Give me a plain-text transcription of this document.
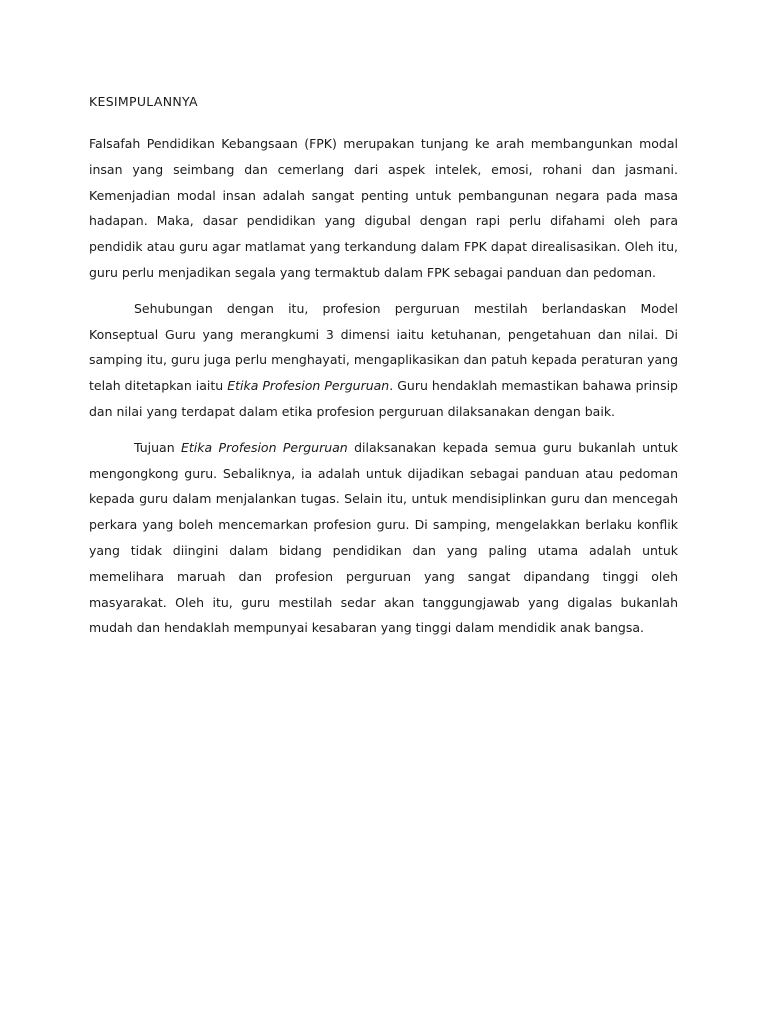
KESIMPULANNYA

Falsafah Pendidikan Kebangsaan (FPK) merupakan tunjang ke arah membangunkan modal insan yang seimbang dan cemerlang dari aspek intelek, emosi, rohani dan jasmani. Kemenjadian modal insan adalah sangat penting untuk pembangunan negara pada masa hadapan. Maka, dasar pendidikan yang digubal dengan rapi perlu difahami oleh para pendidik atau guru agar matlamat yang terkandung dalam FPK dapat direalisasikan. Oleh itu, guru perlu menjadikan segala yang termaktub dalam FPK sebagai panduan dan pedoman.

Sehubungan dengan itu, profesion perguruan mestilah berlandaskan Model Konseptual Guru yang merangkumi 3 dimensi iaitu ketuhanan, pengetahuan dan nilai. Di samping itu, guru juga perlu menghayati, mengaplikasikan dan patuh kepada peraturan yang telah ditetapkan iaitu Etika Profesion Perguruan. Guru hendaklah memastikan bahawa prinsip dan nilai yang terdapat dalam etika profesion perguruan dilaksanakan dengan baik.

Tujuan Etika Profesion Perguruan dilaksanakan kepada semua guru bukanlah untuk mengongkong guru. Sebaliknya, ia adalah untuk dijadikan sebagai panduan atau pedoman kepada guru dalam menjalankan tugas. Selain itu, untuk mendisiplinkan guru dan mencegah perkara yang boleh mencemarkan profesion guru. Di samping, mengelakkan berlaku konflik yang tidak diingini dalam bidang pendidikan dan yang paling utama adalah untuk memelihara maruah dan profesion perguruan yang sangat dipandang tinggi oleh masyarakat. Oleh itu, guru mestilah sedar akan tanggungjawab yang digalas bukanlah mudah dan hendaklah mempunyai kesabaran yang tinggi dalam mendidik anak bangsa.
